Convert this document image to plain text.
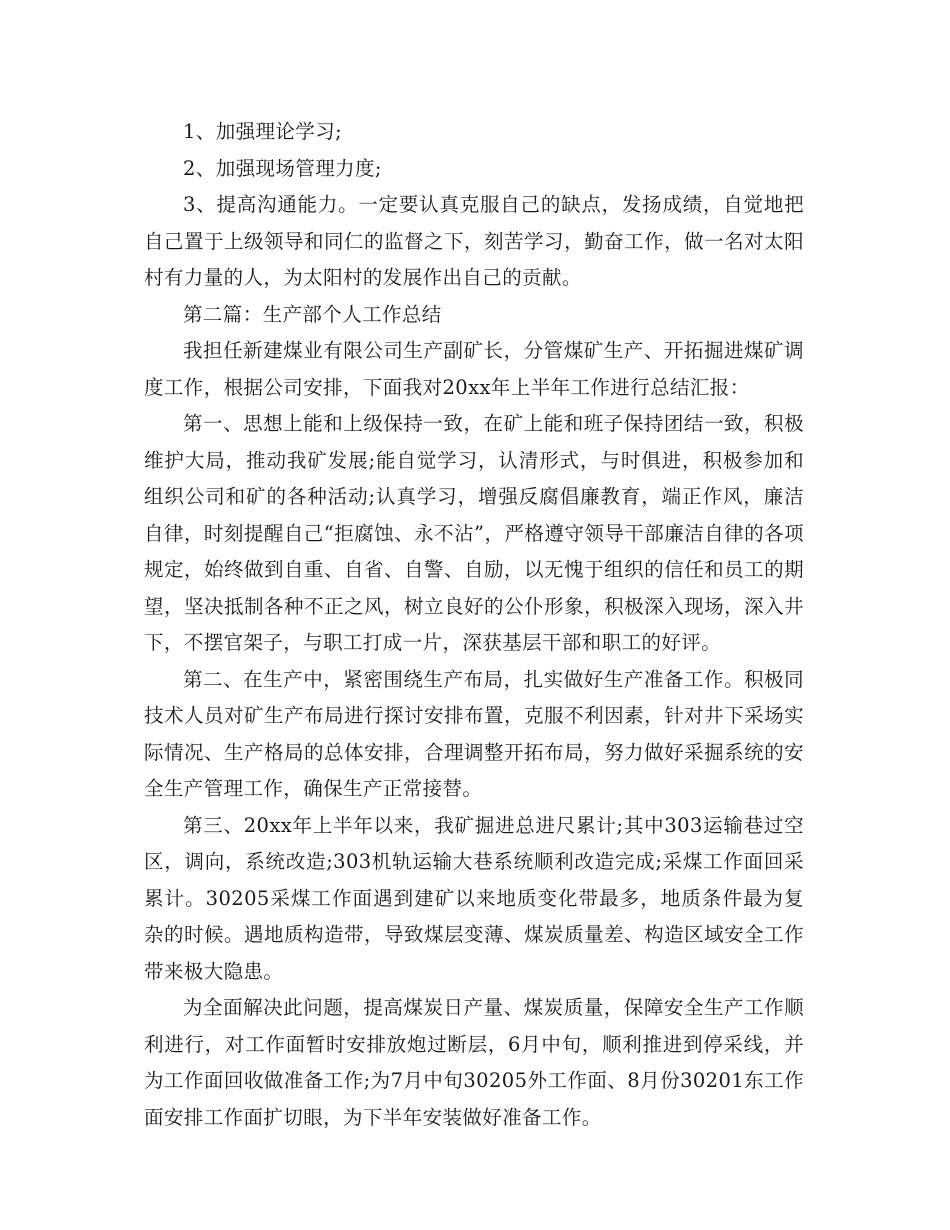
1、加强理论学习;

2、加强现场管理力度;

3、提高沟通能力。一定要认真克服自己的缺点，发扬成绩，自觉地把自己置于上级领导和同仁的监督之下，刻苦学习，勤奋工作，做一名对太阳村有力量的人，为太阳村的发展作出自己的贡献。

第二篇：生产部个人工作总结

我担任新建煤业有限公司生产副矿长，分管煤矿生产、开拓掘进煤矿调度工作，根据公司安排，下面我对20xx年上半年工作进行总结汇报：

第一、思想上能和上级保持一致，在矿上能和班子保持团结一致，积极维护大局，推动我矿发展;能自觉学习，认清形式，与时俱进，积极参加和组织公司和矿的各种活动;认真学习，增强反腐倡廉教育，端正作风，廉洁自律，时刻提醒自己“拒腐蚀、永不沾”，严格遵守领导干部廉洁自律的各项规定，始终做到自重、自省、自警、自励，以无愧于组织的信任和员工的期望，坚决抵制各种不正之风，树立良好的公仆形象，积极深入现场，深入井下，不摆官架子，与职工打成一片，深获基层干部和职工的好评。

第二、在生产中，紧密围绕生产布局，扎实做好生产准备工作。积极同技术人员对矿生产布局进行探讨安排布置，克服不利因素，针对井下采场实际情况、生产格局的总体安排，合理调整开拓布局，努力做好采掘系统的安全生产管理工作，确保生产正常接替。

第三、20xx年上半年以来，我矿掘进总进尺累计;其中303运输巷过空区，调向，系统改造;303机轨运输大巷系统顺利改造完成;采煤工作面回采累计。30205采煤工作面遇到建矿以来地质变化带最多，地质条件最为复杂的时候。遇地质构造带，导致煤层变薄、煤炭质量差、构造区域安全工作带来极大隐患。

为全面解决此问题，提高煤炭日产量、煤炭质量，保障安全生产工作顺利进行，对工作面暂时安排放炮过断层，6月中旬，顺利推进到停采线，并为工作面回收做准备工作;为7月中旬30205外工作面、8月份30201东工作面安排工作面扩切眼，为下半年安装做好准备工作。
